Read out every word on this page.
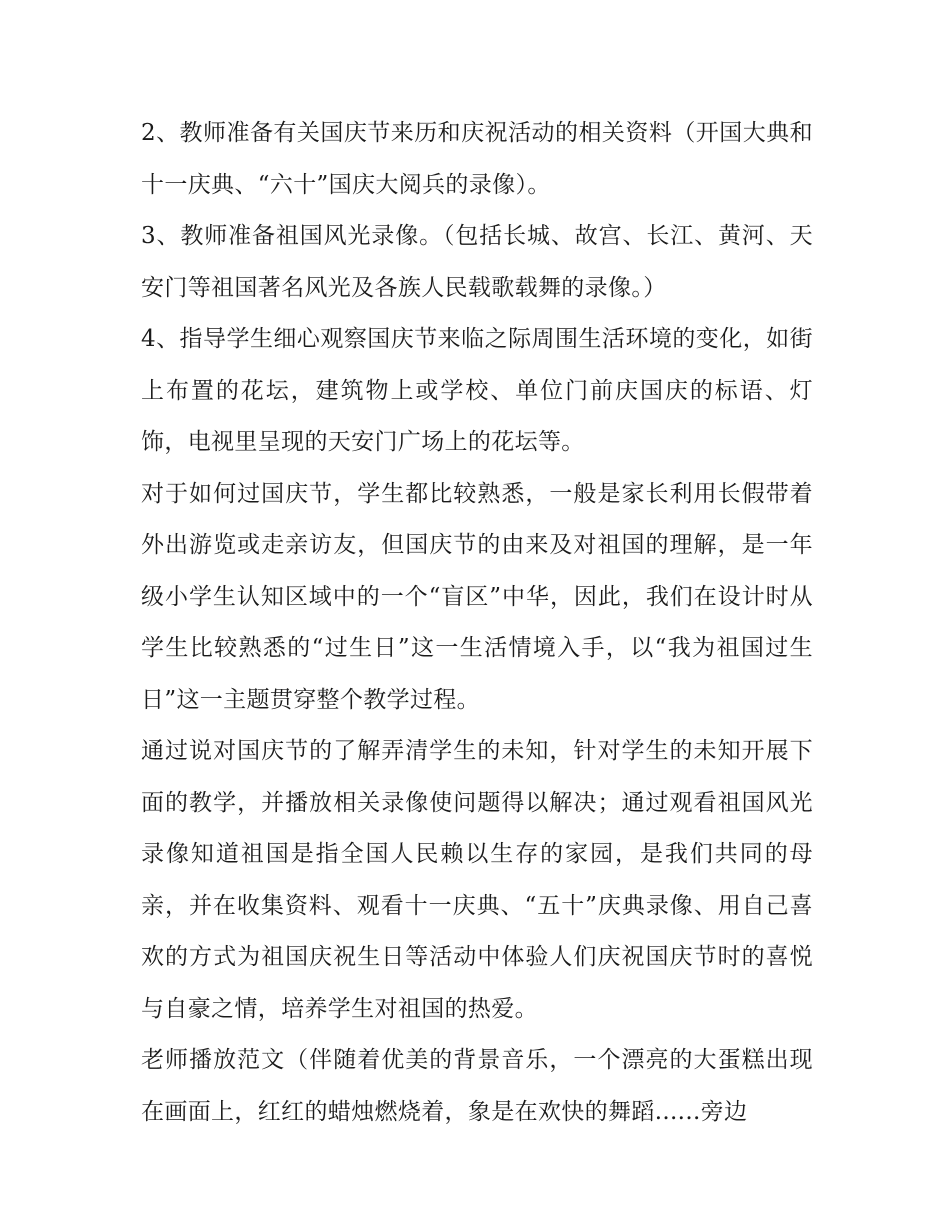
2、教师准备有关国庆节来历和庆祝活动的相关资料（开国大典和十一庆典、“六十”国庆大阅兵的录像）。

3、教师准备祖国风光录像。（包括长城、故宫、长江、黄河、天安门等祖国著名风光及各族人民载歌载舞的录像。）

4、指导学生细心观察国庆节来临之际周围生活环境的变化，如街上布置的花坛，建筑物上或学校、单位门前庆国庆的标语、灯饰，电视里呈现的天安门广场上的花坛等。

对于如何过国庆节，学生都比较熟悉，一般是家长利用长假带着外出游览或走亲访友，但国庆节的由来及对祖国的理解，是一年级小学生认知区域中的一个“盲区”中华，因此，我们在设计时从学生比较熟悉的“过生日”这一生活情境入手，以“我为祖国过生日”这一主题贯穿整个教学过程。

通过说对国庆节的了解弄清学生的未知，针对学生的未知开展下面的教学，并播放相关录像使问题得以解决；通过观看祖国风光录像知道祖国是指全国人民赖以生存的家园，是我们共同的母亲，并在收集资料、观看十一庆典、“五十”庆典录像、用自己喜欢的方式为祖国庆祝生日等活动中体验人们庆祝国庆节时的喜悦与自豪之情，培养学生对祖国的热爱。

老师播放范文（伴随着优美的背景音乐，一个漂亮的大蛋糕出现在画面上，红红的蜡烛燃烧着，象是在欢快的舞蹈......旁边
